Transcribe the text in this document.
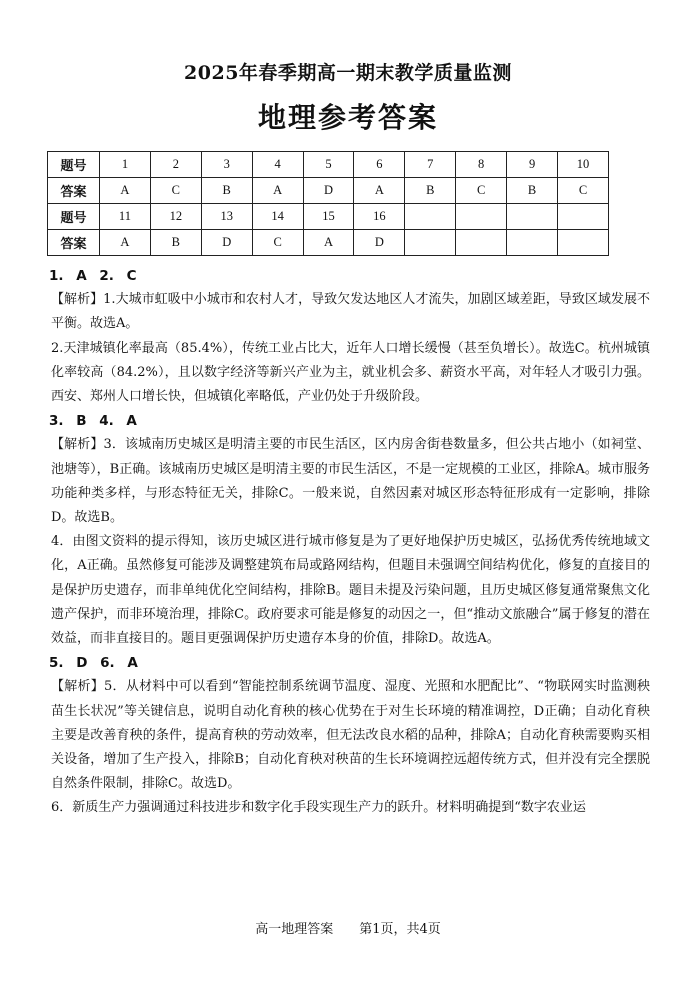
2025年春季期高一期末教学质量监测
地理参考答案
题号	1	2	3	4	5	6	7	8	9	10
答案	A	C	B	A	D	A	B	C	B	C
题号	11	12	13	14	15	16				
答案	A	B	D	C	A	D				

1. A 2. C

【解析】1.大城市虹吸中小城市和农村人才，导致欠发达地区人才流失，加剧区域差距，导致区域发展不平衡。故选A。

2.天津城镇化率最高（85.4%），传统工业占比大，近年人口增长缓慢（甚至负增长）。故选C。杭州城镇化率较高（84.2%），且以数字经济等新兴产业为主，就业机会多、薪资水平高，对年轻人才吸引力强。 西安、郑州人口增长快，但城镇化率略低，产业仍处于升级阶段。

3. B 4. A

【解析】3．该城南历史城区是明清主要的市民生活区，区内房舍街巷数量多，但公共占地小（如祠堂、池塘等），B正确。该城南历史城区是明清主要的市民生活区，不是一定规模的工业区，排除A。城市服务功能种类多样，与形态特征无关，排除C。一般来说，自然因素对城区形态特征形成有一定影响，排除D。故选B。

4．由图文资料的提示得知，该历史城区进行城市修复是为了更好地保护历史城区，弘扬优秀传统地域文化，A正确。虽然修复可能涉及调整建筑布局或路网结构，但题目未强调空间结构优化，修复的直接目的是保护历史遗存，而非单纯优化空间结构，排除B。题目未提及污染问题，且历史城区修复通常聚焦文化遗产保护，而非环境治理，排除C。政府要求可能是修复的动因之一，但“推动文旅融合”属于修复的潜在效益，而非直接目的。题目更强调保护历史遗存本身的价值，排除D。故选A。

5. D 6. A

【解析】5．从材料中可以看到“智能控制系统调节温度、湿度、光照和水肥配比”、“物联网实时监测秧苗生长状况”等关键信息，说明自动化育秧的核心优势在于对生长环境的精准调控，D正确；自动化育秧主要是改善育秧的条件，提高育秧的劳动效率，但无法改良水稻的品种，排除A；自动化育秧需要购买相关设备，增加了生产投入，排除B；自动化育秧对秧苗的生长环境调控远超传统方式，但并没有完全摆脱自然条件限制，排除C。故选D。

6．新质生产力强调通过科技进步和数字化手段实现生产力的跃升。材料明确提到“数字农业运

高一地理答案　　第1页，共4页
